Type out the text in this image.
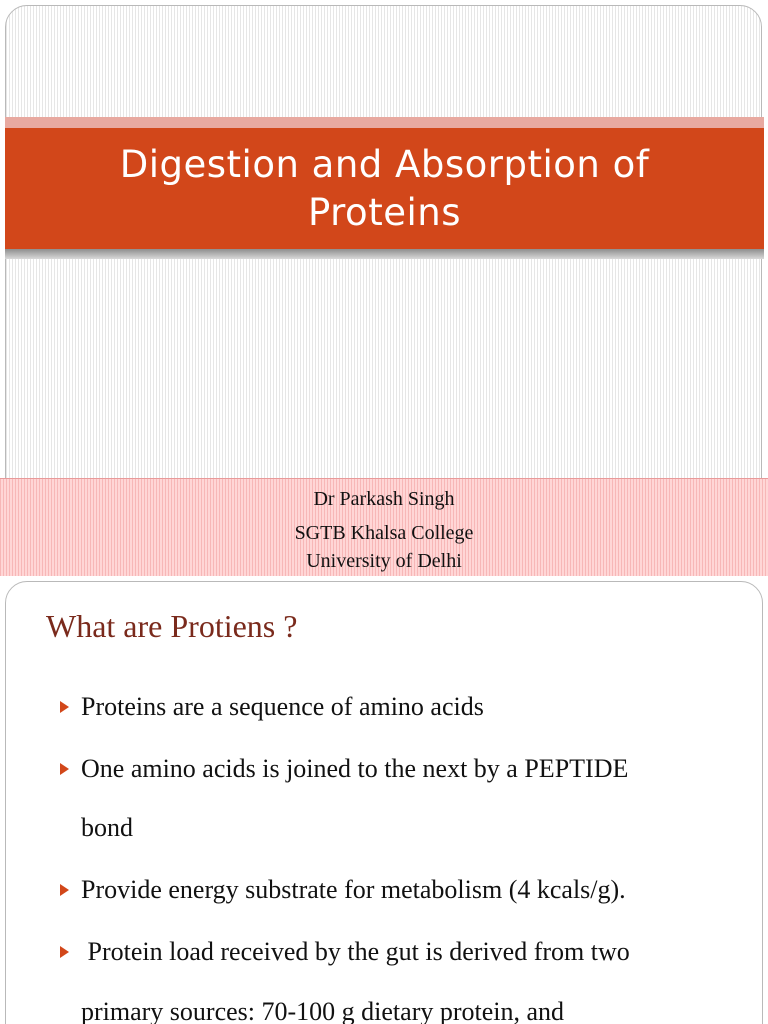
Digestion and Absorption of
Proteins
Dr Parkash Singh
SGTB Khalsa College
University of Delhi
What are Protiens ?
Proteins are a sequence of amino acids
One amino acids is joined to the next by a PEPTIDE
bond
Provide energy substrate for metabolism (4 kcals/g).
Protein load received by the gut is derived from two
primary sources: 70-100 g dietary protein, and
